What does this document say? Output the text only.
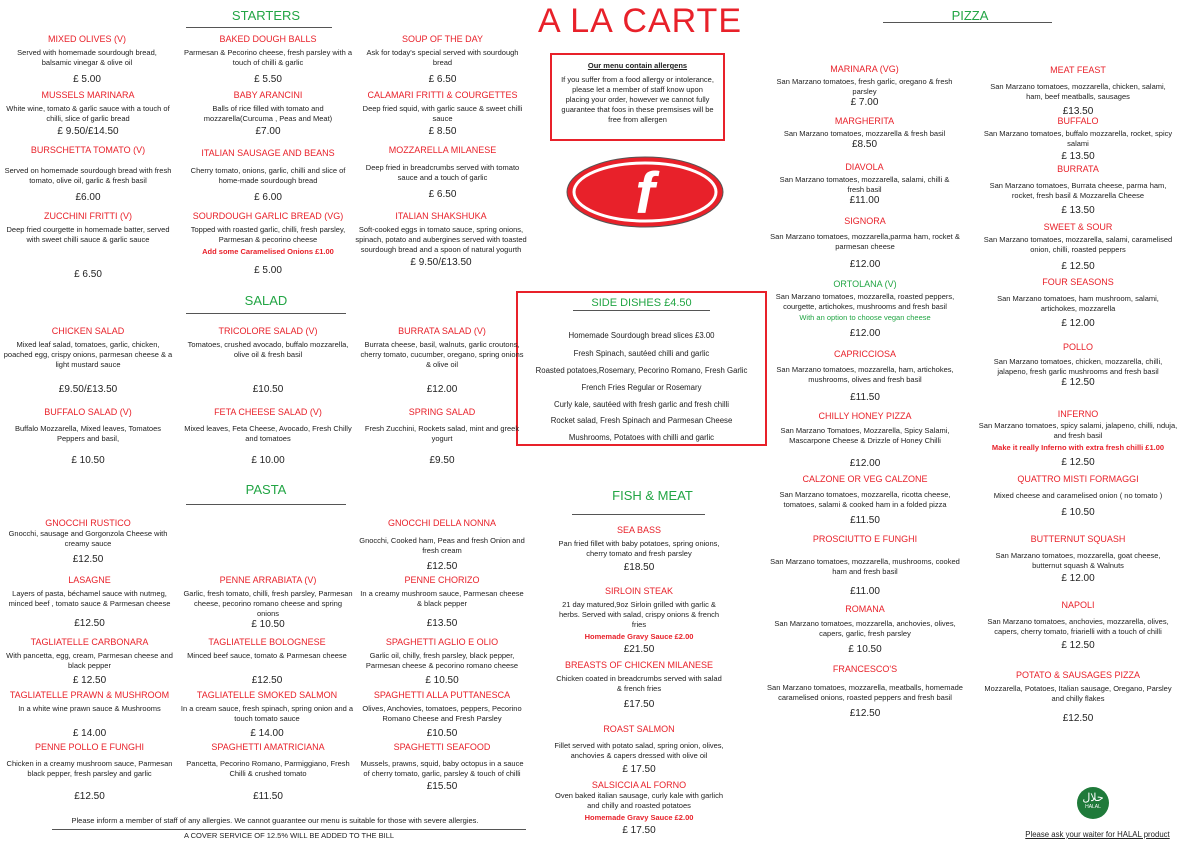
A LA CARTE
STARTERS
SALAD
PASTA
PIZZA
FISH & MEAT
Our menu contain allergens
If you suffer from a food allergy or intolerance, please let a member of staff know upon placing your order, however we cannot fully guarantee that foos in these premsises will be free from allergen
f
SIDE DISHES £4.50
Homemade Sourdough bread slices £3.00
Fresh Spinach, sautéed chilli and garlic
Roasted potatoes,Rosemary, Pecorino Romano, Fresh Garlic
French Fries Regular or Rosemary
Curly kale, sautéed with fresh garlic and fresh chilli
Rocket salad, Fresh Spinach and Parmesan Cheese
Mushrooms, Potatoes with chilli and garlic
MIXED OLIVES (V)
Served with homemade sourdough bread, balsamic vinegar & olive oil
£ 5.00
BAKED DOUGH BALLS
Parmesan & Pecorino cheese, fresh parsley with a touch of chilli & garlic
£ 5.50
SOUP OF THE DAY
Ask for today's special served with sourdough bread
£ 6.50
MUSSELS MARINARA
White wine, tomato & garlic sauce with a touch of chilli, slice of garlic bread
£ 9.50/£14.50
BABY ARANCINI
Balls of rice filled with tomato and mozzarella(Curcuma , Peas and Meat)
£7.00
CALAMARI FRITTI & COURGETTES
Deep fried squid, with garlic sauce & sweet chilli sauce
£ 8.50
BURSCHETTA TOMATO (V)
Served on homemade sourdough bread with fresh tomato, olive oil, garlic & fresh basil
£6.00
ITALIAN SAUSAGE AND BEANS
Cherry tomato, onions, garlic, chilli and slice of home-made sourdough bread
£ 6.00
MOZZARELLA MILANESE
Deep fried in breadcrumbs served with tomato sauce and a touch of garlic
£ 6.50
ZUCCHINI FRITTI (V)
Deep fried courgette in homemade batter, served with sweet chilli sauce & garlic sauce
£ 6.50
SOURDOUGH GARLIC BREAD (VG)
Topped with roasted garlic, chilli, fresh parsley, Parmesan & pecorino cheese
Add some Caramelised Onions £1.00
£ 5.00
ITALIAN SHAKSHUKA
Soft-cooked eggs in tomato sauce, spring onions, spinach, potato and aubergines served with toasted sourdough bread and a spoon of natural yogurth
£ 9.50/£13.50
CHICKEN SALAD
Mixed leaf salad, tomatoes, garlic, chicken, poached egg, crispy onions, parmesan cheese & a light mustard sauce
£9.50/£13.50
TRICOLORE SALAD (V)
Tomatoes, crushed avocado, buffalo mozzarella, olive oil & fresh basil
£10.50
BURRATA SALAD (V)
Burrata cheese, basil, walnuts, garlic croutons, cherry tomato, cucumber, oregano, spring onions & olive oil
£12.00
BUFFALO SALAD (V)
Buffalo Mozzarella, Mixed leaves, Tomatoes Peppers and basil,
£ 10.50
FETA CHEESE SALAD (V)
Mixed leaves, Feta Cheese, Avocado, Fresh Chilly and tomatoes
£ 10.00
SPRING SALAD
Fresh Zucchini, Rockets salad, mint and greek yogurt
£9.50
GNOCCHI RUSTICO
Gnocchi, sausage and Gorgonzola Cheese with creamy sauce
£12.50
GNOCCHI DELLA NONNA
Gnocchi, Cooked ham, Peas and fresh Onion and fresh cream
£12.50
LASAGNE
Layers of pasta, béchamel sauce with nutmeg, minced beef , tomato sauce & Parmesan cheese
£12.50
PENNE ARRABIATA (V)
Garlic, fresh tomato, chilli, fresh parsley, Parmesan cheese, pecorino romano cheese and spring onions
£ 10.50
PENNE CHORIZO
In a creamy mushroom sauce, Parmesan cheese & black pepper
£13.50
TAGLIATELLE CARBONARA
With pancetta, egg, cream, Parmesan cheese and black pepper
£ 12.50
TAGLIATELLE BOLOGNESE
Minced beef sauce, tomato & Parmesan cheese
£12.50
SPAGHETTI AGLIO E OLIO
Garlic oil, chilly, fresh parsley, black pepper, Parmesan cheese & pecorino romano cheese
£ 10.50
TAGLIATELLE PRAWN & MUSHROOM
In a white wine prawn sauce & Mushrooms
£ 14.00
TAGLIATELLE SMOKED SALMON
In a cream sauce, fresh spinach, spring onion and a touch tomato sauce
£ 14.00
SPAGHETTI ALLA PUTTANESCA
Olives, Anchovies, tomatoes, peppers, Pecorino Romano Cheese and Fresh Parsley
£10.50
PENNE POLLO E FUNGHI
Chicken in a creamy mushroom sauce, Parmesan black pepper, fresh parsley and garlic
£12.50
SPAGHETTI AMATRICIANA
Pancetta, Pecorino Romano, Parmiggiano, Fresh Chilli & crushed tomato
£11.50
SPAGHETTI SEAFOOD
Mussels, prawns, squid, baby octopus in a sauce of cherry tomato, garlic, parsley & touch of chilli
£15.50
SEA BASS
Pan fried fillet with baby potatoes, spring onions, cherry tomato and fresh parsley
£18.50
SIRLOIN STEAK
21 day matured,9oz Sirloin grilled with garlic & herbs. Served with salad, crispy onions & french fries
Homemade Gravy Sauce £2.00
£21.50
BREASTS OF CHICKEN MILANESE
Chicken coated in breadcrumbs served with salad & french fries
£17.50
ROAST SALMON
Fillet served with potato salad, spring onion, olives, anchovies & capers dressed with olive oil
£ 17.50
SALSICCIA AL FORNO
Oven baked italian sausage, curly kale with garlich and chilly and roasted potatoes
Homemade Gravy Sauce £2.00
£ 17.50
MARINARA (VG)
San Marzano tomatoes, fresh garlic, oregano & fresh parsley
£ 7.00
MARGHERITA
San Marzano tomatoes, mozzarella & fresh basil
£8.50
DIAVOLA
San Marzano tomatoes, mozzarella, salami, chilli & fresh basil
£11.00
SIGNORA
San Marzano tomatoes, mozzarella,parma ham, rocket & parmesan cheese
£12.00
ORTOLANA (V)
San Marzano tomatoes, mozzarella, roasted peppers, courgette, artichokes, mushrooms and fresh basil
With an option to choose vegan cheese
£12.00
CAPRICCIOSA
San Marzano tomatoes, mozzarella, ham, artichokes, mushrooms, olives and fresh basil
£11.50
CHILLY HONEY PIZZA
San Marzano Tomatoes, Mozzarella, Spicy Salami, Mascarpone Cheese & Drizzle of Honey Chilli
£12.00
CALZONE OR VEG CALZONE
San Marzano tomatoes, mozzarella, ricotta cheese, tomatoes, salami & cooked ham in a folded pizza
£11.50
PROSCIUTTO E FUNGHI
San Marzano tomatoes, mozzarella, mushrooms, cooked ham and fresh basil
£11.00
ROMANA
San Marzano tomatoes, mozzarella, anchovies, olives, capers, garlic, fresh parsley
£ 10.50
FRANCESCO'S
San Marzano tomatoes, mozzarella, meatballs, homemade caramelised onions, roasted peppers and fresh basil
£12.50
MEAT FEAST
San Marzano tomatoes, mozzarella, chicken, salami, ham, beef meatballs, sausages
£13.50
BUFFALO
San Marzano tomatoes, buffalo mozzarella, rocket, spicy salami
£ 13.50
BURRATA
San Marzano tomatoes, Burrata cheese, parma ham, rocket, fresh basil & Mozzarella Cheese
£ 13.50
SWEET & SOUR
San Marzano tomatoes, mozzarella, salami, caramelised onion, chilli, roasted peppers
£ 12.50
FOUR SEASONS
San Marzano tomatoes, ham mushroom, salami, artichokes, mozzarella
£ 12.00
POLLO
San Marzano tomatoes, chicken, mozzarella, chilli, jalapeno, fresh garlic mushrooms and fresh basil
£ 12.50
INFERNO
San Marzano tomatoes, spicy salami, jalapeno, chilli, nduja, and fresh basil
Make it really Inferno with extra fresh chilli £1.00
£ 12.50
QUATTRO MISTI FORMAGGI
Mixed cheese and caramelised onion ( no tomato )
£ 10.50
BUTTERNUT SQUASH
San Marzano tomatoes, mozzarella, goat cheese, butternut squash & Walnuts
£ 12.00
NAPOLI
San Marzano tomatoes, anchovies, mozzarella, olives, capers, cherry tomato, friarielli with a touch of chilli
£ 12.50
POTATO & SAUSAGES PIZZA
Mozzarella, Potatoes, Italian sausage, Oregano, Parsley and chilly flakes
£12.50
Please inform a member of staff of any allergies. We cannot guarantee our menu is suitable for those with severe allergies.
A COVER SERVICE OF 12.5% WILL BE ADDED TO THE BILL
حلال
HALAL
Please ask your waiter for HALAL product
